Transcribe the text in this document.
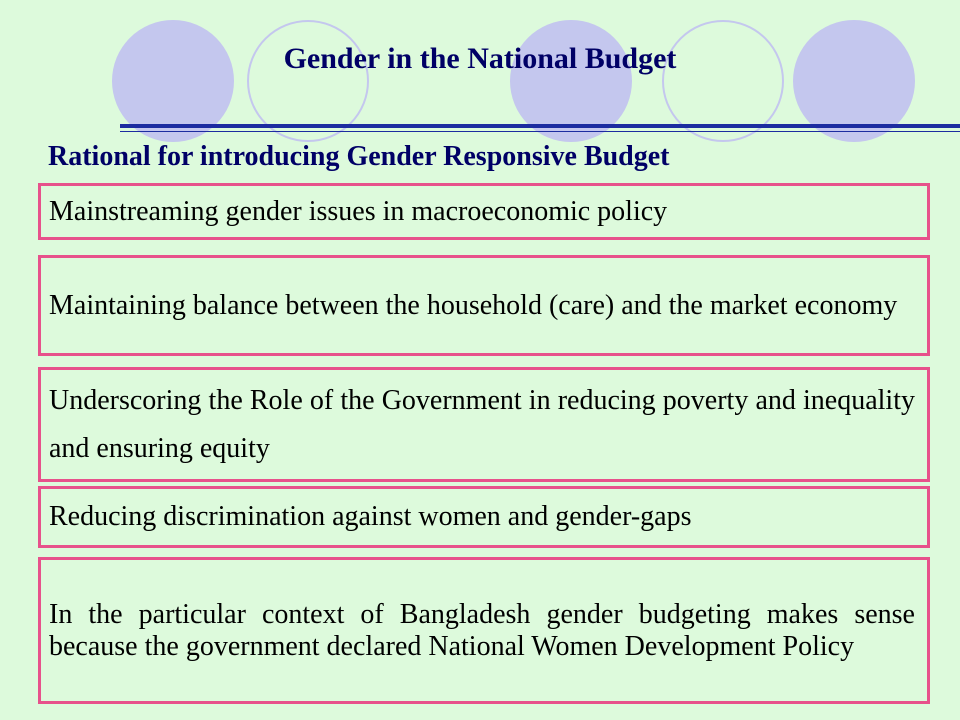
Gender in the National Budget
Rational for introducing Gender Responsive Budget
Mainstreaming gender issues in macroeconomic policy
Maintaining balance between the household (care) and the market economy
Underscoring the Role of the Government in reducing poverty and inequality and ensuring equity
Reducing discrimination against women and gender-gaps
In the particular context of Bangladesh gender budgeting makes sense because the government declared National Women Development Policy
